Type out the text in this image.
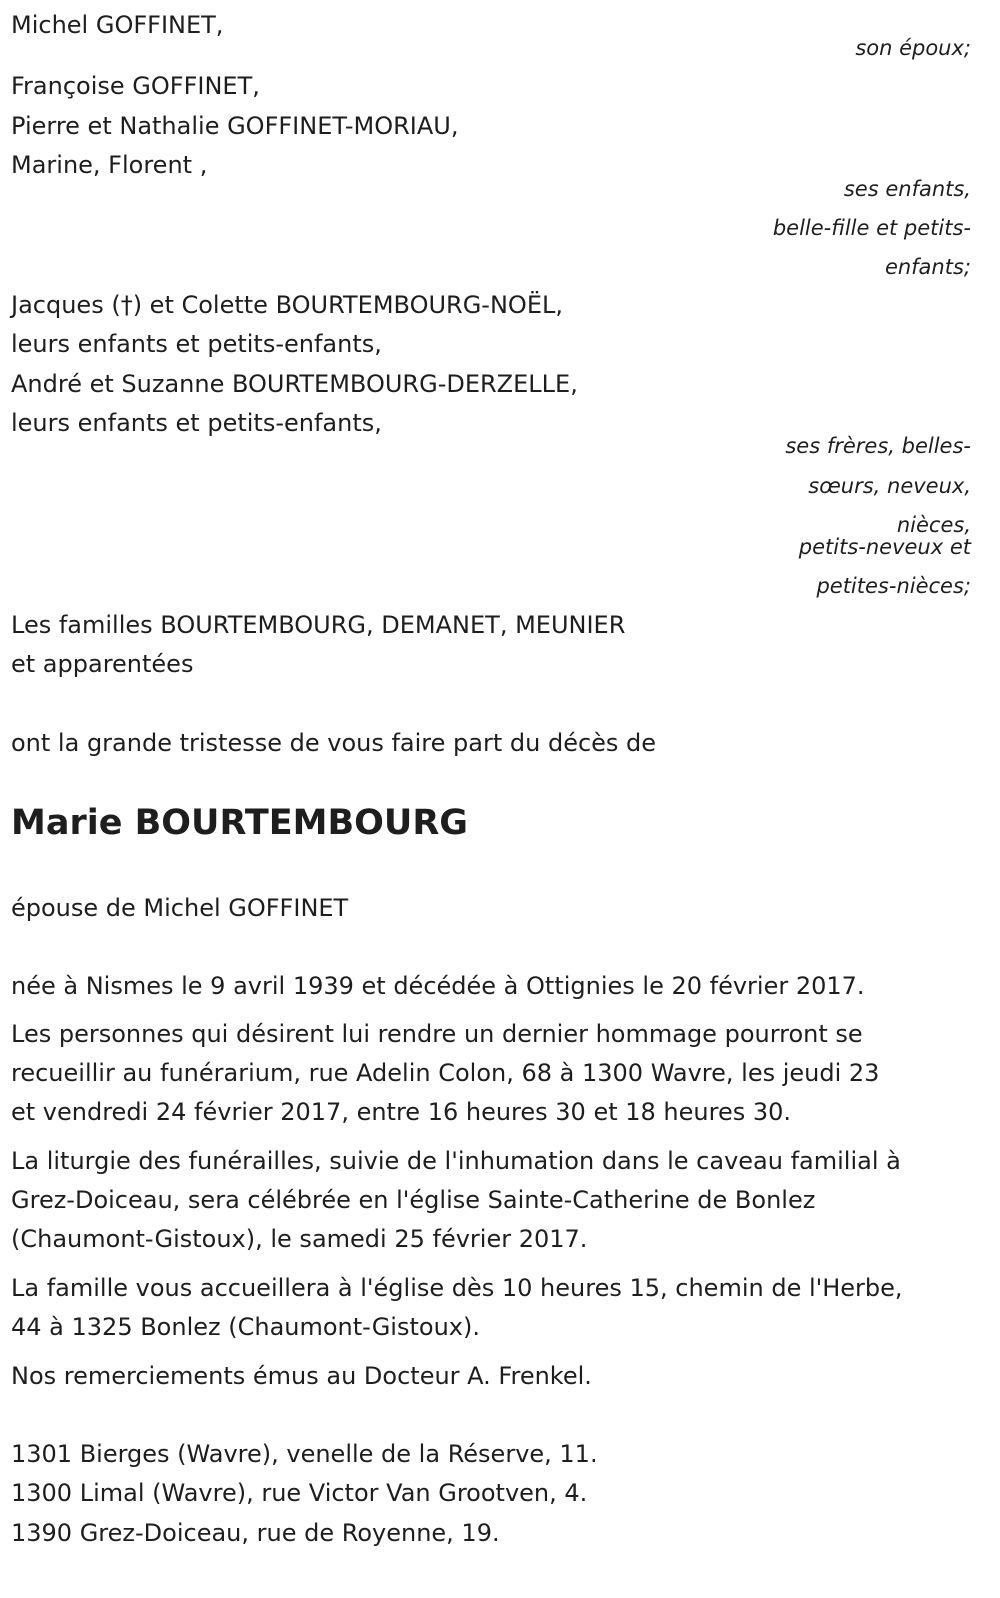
Michel GOFFINET,
son époux;
Françoise GOFFINET,
Pierre et Nathalie GOFFINET-MORIAU,
Marine, Florent ,
ses enfants,
belle-fille et petits-
enfants;
Jacques (†) et Colette BOURTEMBOURG-NOËL,
leurs enfants et petits-enfants,
André et Suzanne BOURTEMBOURG-DERZELLE,
leurs enfants et petits-enfants,
ses frères, belles-
sœurs, neveux,
nièces,
petits-neveux et
petites-nièces;
Les familles BOURTEMBOURG, DEMANET, MEUNIER
et apparentées
ont la grande tristesse de vous faire part du décès de
Marie BOURTEMBOURG
épouse de Michel GOFFINET
née à Nismes le 9 avril 1939 et décédée à Ottignies le 20 février 2017.
Les personnes qui désirent lui rendre un dernier hommage pourront se
recueillir au funérarium, rue Adelin Colon, 68 à 1300 Wavre, les jeudi 23
et vendredi 24 février 2017, entre 16 heures 30 et 18 heures 30.
La liturgie des funérailles, suivie de l'inhumation dans le caveau familial à
Grez-Doiceau, sera célébrée en l'église Sainte-Catherine de Bonlez
(Chaumont-Gistoux), le samedi 25 février 2017.
La famille vous accueillera à l'église dès 10 heures 15, chemin de l'Herbe,
44 à 1325 Bonlez (Chaumont-Gistoux).
Nos remerciements émus au Docteur A. Frenkel.
1301 Bierges (Wavre), venelle de la Réserve, 11.
1300 Limal (Wavre), rue Victor Van Grootven, 4.
1390 Grez-Doiceau, rue de Royenne, 19.
